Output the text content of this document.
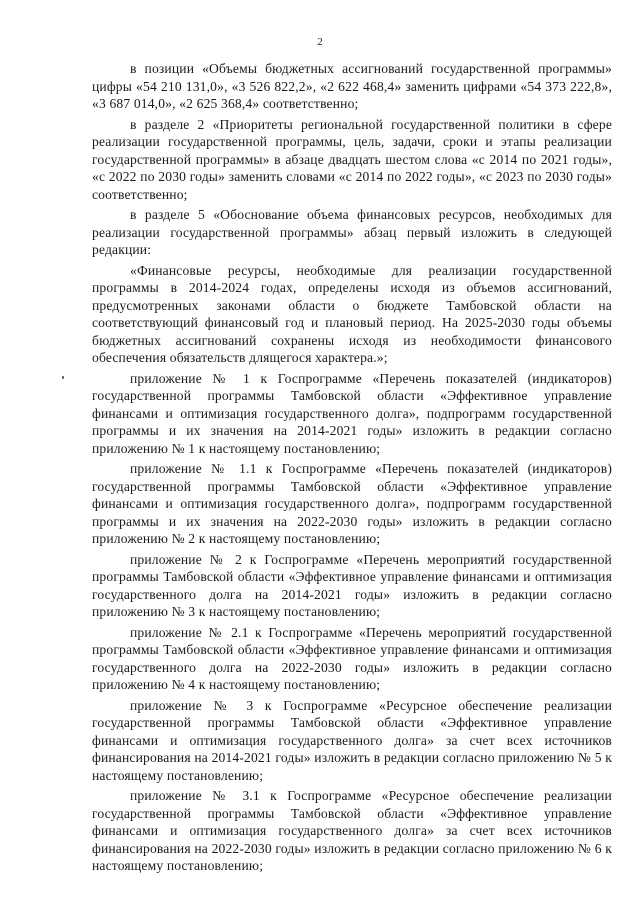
2

в позиции «Объемы бюджетных ассигнований государственной программы» цифры «54 210 131,0», «3 526 822,2», «2 622 468,4» заменить цифрами «54 373 222,8», «3 687 014,0», «2 625 368,4» соответственно;

в разделе 2 «Приоритеты региональной государственной политики в сфере реализации государственной программы, цель, задачи, сроки и этапы реализации государственной программы» в абзаце двадцать шестом слова «с 2014 по 2021 годы», «с 2022 по 2030 годы» заменить словами «с 2014 по 2022 годы», «с 2023 по 2030 годы» соответственно;

в разделе 5 «Обоснование объема финансовых ресурсов, необходимых для реализации государственной программы» абзац первый изложить в следующей редакции:

«Финансовые ресурсы, необходимые для реализации государственной программы в 2014-2024 годах, определены исходя из объемов ассигнований, предусмотренных законами области о бюджете Тамбовской области на соответствующий финансовый год и плановый период. На 2025-2030 годы объемы бюджетных ассигнований сохранены исходя из необходимости финансового обеспечения обязательств длящегося характера.»;

приложение № 1 к Госпрограмме «Перечень показателей (индикаторов) государственной программы Тамбовской области «Эффективное управление финансами и оптимизация государственного долга», подпрограмм государственной программы и их значения на 2014-2021 годы» изложить в редакции согласно приложению № 1 к настоящему постановлению;

приложение № 1.1 к Госпрограмме «Перечень показателей (индикаторов) государственной программы Тамбовской области «Эффективное управление финансами и оптимизация государственного долга», подпрограмм государственной программы и их значения на 2022-2030 годы» изложить в редакции согласно приложению № 2 к настоящему постановлению;

приложение № 2 к Госпрограмме «Перечень мероприятий государственной программы Тамбовской области «Эффективное управление финансами и оптимизация государственного долга на 2014-2021 годы» изложить в редакции согласно приложению № 3 к настоящему постановлению;

приложение № 2.1 к Госпрограмме «Перечень мероприятий государственной программы Тамбовской области «Эффективное управление финансами и оптимизация государственного долга на 2022-2030 годы» изложить в редакции согласно приложению № 4 к настоящему постановлению;

приложение № 3 к Госпрограмме «Ресурсное обеспечение реализации государственной программы Тамбовской области «Эффективное управление финансами и оптимизация государственного долга» за счет всех источников финансирования на 2014-2021 годы» изложить в редакции согласно приложению № 5 к настоящему постановлению;

приложение № 3.1 к Госпрограмме «Ресурсное обеспечение реализации государственной программы Тамбовской области «Эффективное управление финансами и оптимизация государственного долга» за счет всех источников финансирования на 2022-2030 годы» изложить в редакции согласно приложению № 6 к настоящему постановлению;
